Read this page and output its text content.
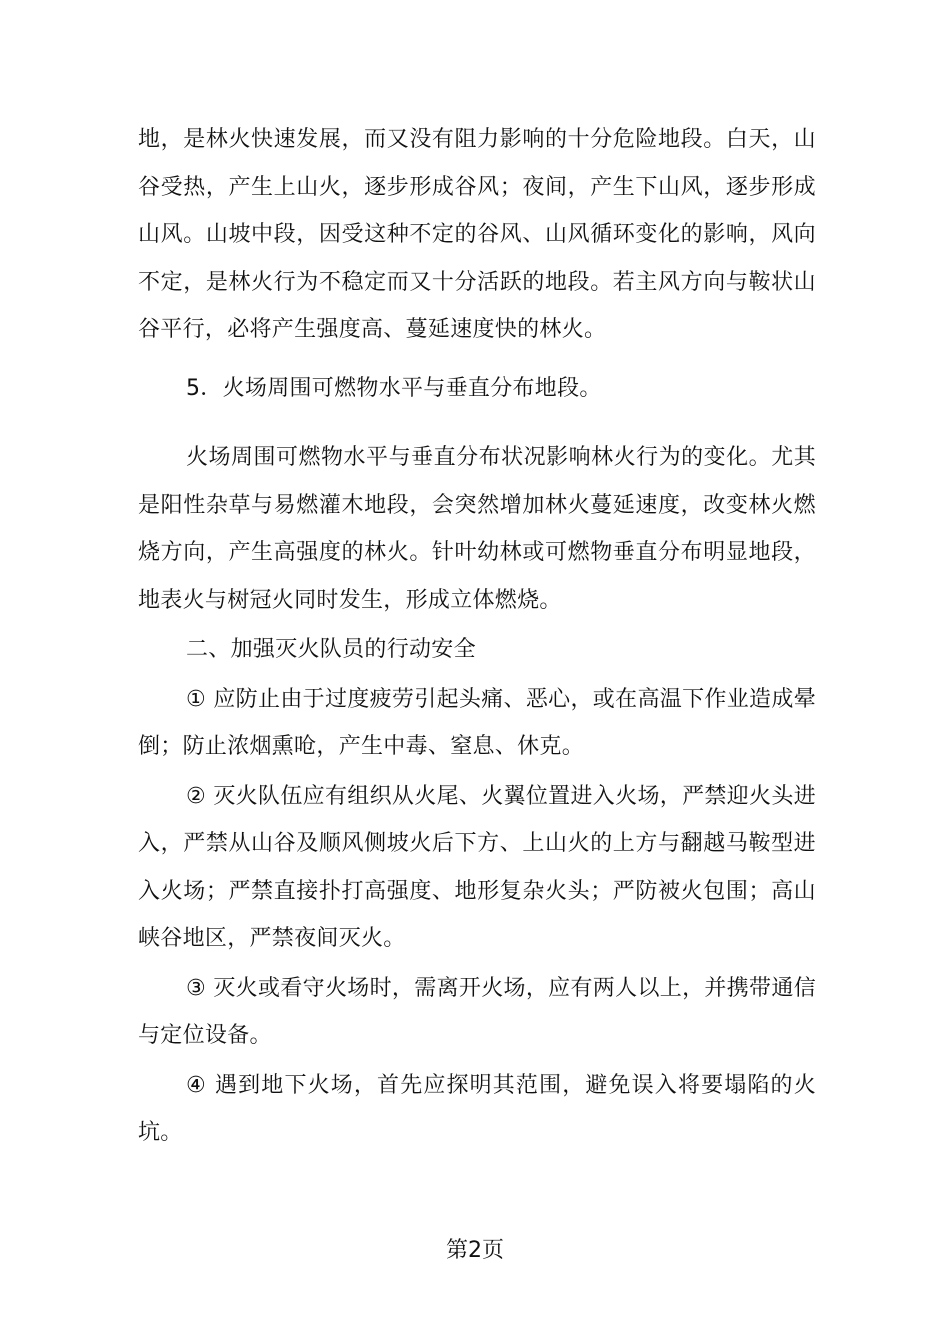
地，是林火快速发展，而又没有阻力影响的十分危险地段。白天，山谷受热，产生上山火，逐步形成谷风；夜间，产生下山风，逐步形成山风。山坡中段，因受这种不定的谷风、山风循环变化的影响，风向不定，是林火行为不稳定而又十分活跃的地段。若主风方向与鞍状山谷平行，必将产生强度高、蔓延速度快的林火。

5．火场周围可燃物水平与垂直分布地段。

火场周围可燃物水平与垂直分布状况影响林火行为的变化。尤其是阳性杂草与易燃灌木地段，会突然增加林火蔓延速度，改变林火燃烧方向，产生高强度的林火。针叶幼林或可燃物垂直分布明显地段，地表火与树冠火同时发生，形成立体燃烧。

二、加强灭火队员的行动安全

① 应防止由于过度疲劳引起头痛、恶心，或在高温下作业造成晕倒；防止浓烟熏呛，产生中毒、窒息、休克。

② 灭火队伍应有组织从火尾、火翼位置进入火场，严禁迎火头进入，严禁从山谷及顺风侧坡火后下方、上山火的上方与翻越马鞍型进入火场；严禁直接扑打高强度、地形复杂火头；严防被火包围；高山峡谷地区，严禁夜间灭火。

③ 灭火或看守火场时，需离开火场，应有两人以上，并携带通信与定位设备。

④ 遇到地下火场，首先应探明其范围，避免误入将要塌陷的火坑。

第2页
